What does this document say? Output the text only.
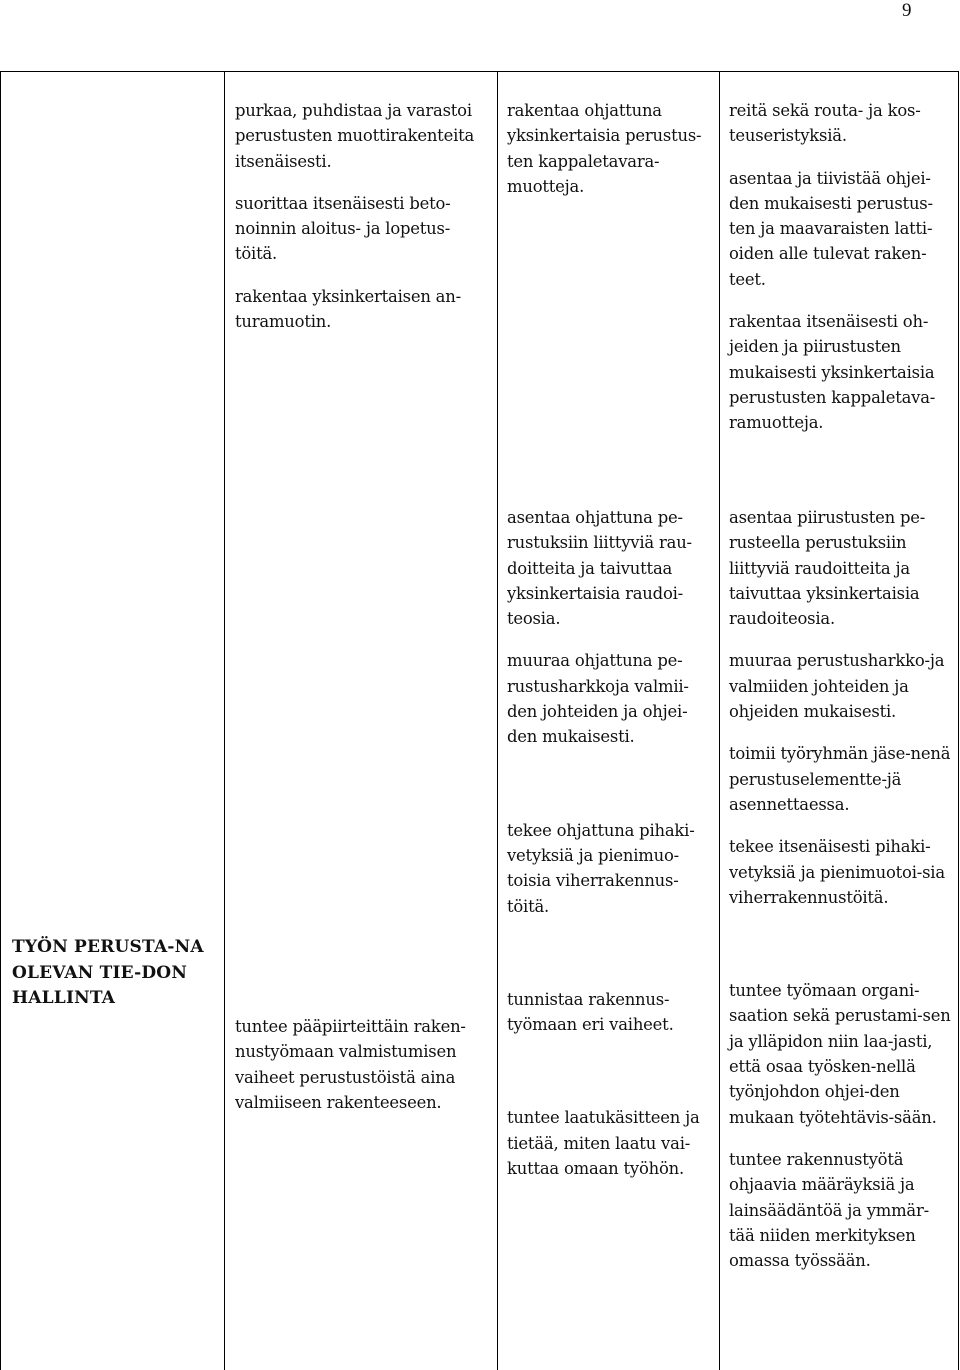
9

purkaa, puhdistaa ja varastoi perustusten muottirakenteita itsenäisesti.

suorittaa itsenäisesti beto-noinnin aloitus- ja lopetus-töitä.

rakentaa yksinkertaisen an-turamuotin.

rakentaa ohjattuna yksinkertaisia perustus-ten kappaletavara-muotteja.

reitä sekä routa- ja kos-teuseristyksiä.

asentaa ja tiivistää ohjei-den mukaisesti perustus-ten ja maavaraisten latti-oiden alle tulevat raken-teet.

rakentaa itsenäisesti oh-jeiden ja piirustusten mukaisesti yksinkertaisia perustusten kappaletava-ramuotteja.

TYÖN PERUSTA-NA OLEVAN TIE-DON HALLINTA

tuntee pääpiirteittäin raken-nustyömaan valmistumisen vaiheet perustustöistä aina valmiiseen rakenteeseen.

asentaa ohjattuna pe-rustuksiin liittyviä rau-doitteita ja taivuttaa yksinkertaisia raudoi-teosia.

muuraa ohjattuna pe-rustusharkkoja valmii-den johteiden ja ohjei-den mukaisesti.

tekee ohjattuna pihaki-vetyksiä ja pienimuo-toisia viherrakennus-töitä.

tunnistaa rakennus-työmaan eri vaiheet.

tuntee laatukäsitteen ja tietää, miten laatu vai-kuttaa omaan työhön.

asentaa piirustusten pe-rusteella perustuksiin liittyviä raudoitteita ja taivuttaa yksinkertaisia raudoiteosia.

muuraa perustusharkko-ja valmiiden johteiden ja ohjeiden mukaisesti.

toimii työryhmän jäse-nenä perustuselementte-jä asennettaessa.

tekee itsenäisesti pihaki-vetyksiä ja pienimuotoi-sia viherrakennustöitä.

tuntee työmaan organi-saation sekä perustami-sen ja ylläpidon niin laa-jasti, että osaa työsken-nellä työnjohdon ohjei-den mukaan työtehtävis-sään.

tuntee rakennustyötä ohjaavia määräyksiä ja lainsäädäntöä ja ymmär-tää niiden merkityksen omassa työssään.
